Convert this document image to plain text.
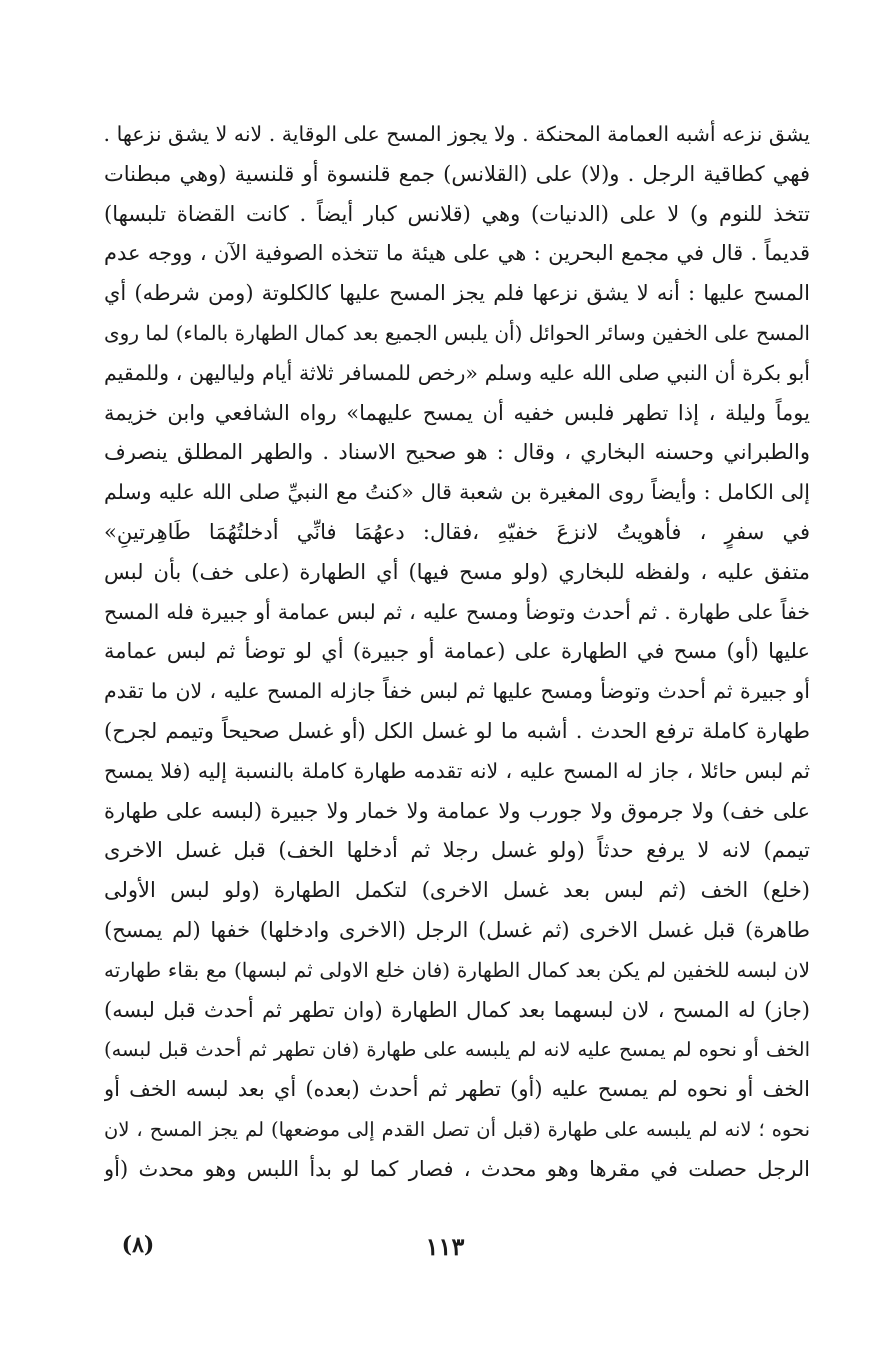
يشق نزعه أشبه العمامة المحنكة . ولا يجوز المسح على الوقاية . لانه لا يشق نزعها .
فهي كطاقية الرجل . و(لا) على (القلانس) جمع قلنسوة أو قلنسية (وهي مبطنات
تتخذ للنوم و) لا على (الدنيات) وهي (قلانس كبار أيضاً . كانت القضاة تلبسها)
قديماً . قال في مجمع البحرين : هي على هيئة ما تتخذه الصوفية الآن ، ووجه عدم
المسح عليها : أنه لا يشق نزعها فلم يجز المسح عليها كالكلوتة (ومن شرطه) أي
المسح على الخفين وسائر الحوائل (أن يلبس الجميع بعد كمال الطهارة بالماء) لما روى
أبو بكرة أن النبي صلى الله عليه وسلم «رخص للمسافر ثلاثة أيام ولياليهن ، وللمقيم
يوماً وليلة ، إذا تطهر فلبس خفيه أن يمسح عليهما» رواه الشافعي وابن خزيمة
والطبراني وحسنه البخاري ، وقال : هو صحيح الاسناد . والطهر المطلق ينصرف
إلى الكامل : وأيضاً روى المغيرة بن شعبة قال «كنتُ مع النبيِّ صلى الله عليه وسلم
في سفرٍ ، فأهويتُ لانزعَ خفيّهِ ،فقال: دعهُمَا فانِّي أدخلتُهُمَا طَاهِرتينِ»
متفق عليه ، ولفظه للبخاري (ولو مسح فيها) أي الطهارة (على خف) بأن لبس
خفاً على طهارة . ثم أحدث وتوضأ ومسح عليه ، ثم لبس عمامة أو جبيرة فله المسح
عليها (أو) مسح في الطهارة على (عمامة أو جبيرة) أي لو توضأ ثم لبس عمامة
أو جبيرة ثم أحدث وتوضأ ومسح عليها ثم لبس خفاً جازله المسح عليه ، لان ما تقدم
طهارة كاملة ترفع الحدث . أشبه ما لو غسل الكل (أو غسل صحيحاً وتيمم لجرح)
ثم لبس حائلا ، جاز له المسح عليه ، لانه تقدمه طهارة كاملة بالنسبة إليه (فلا يمسح
على خف) ولا جرموق ولا جورب ولا عمامة ولا خمار ولا جبيرة (لبسه على طهارة
تيمم) لانه لا يرفع حدثاً (ولو غسل رجلا ثم أدخلها الخف) قبل غسل الاخرى
(خلع) الخف (ثم لبس بعد غسل الاخرى) لتكمل الطهارة (ولو لبس الأولى
طاهرة) قبل غسل الاخرى (ثم غسل) الرجل (الاخرى وادخلها) خفها (لم يمسح)
لان لبسه للخفين لم يكن بعد كمال الطهارة (فان خلع الاولى ثم لبسها) مع بقاء طهارته
(جاز) له المسح ، لان لبسهما بعد كمال الطهارة (وان تطهر ثم أحدث قبل لبسه)
الخف أو نحوه لم يمسح عليه لانه لم يلبسه على طهارة (فان تطهر ثم أحدث قبل لبسه)
الخف أو نحوه لم يمسح عليه (أو) تطهر ثم أحدث (بعده) أي بعد لبسه الخف أو
نحوه ؛ لانه لم يلبسه على طهارة (قبل أن تصل القدم إلى موضعها) لم يجز المسح ، لان
الرجل حصلت في مقرها وهو محدث ، فصار كما لو بدأ اللبس وهو محدث (أو
(٨)	١١٣
